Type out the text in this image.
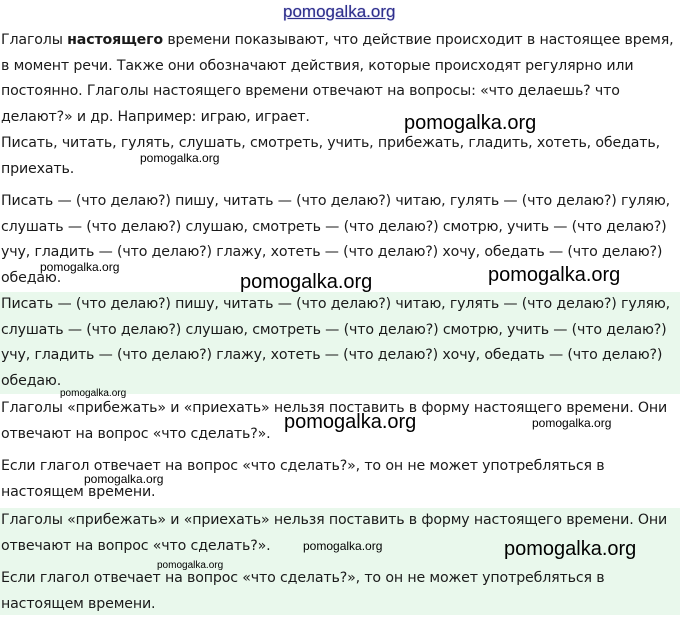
Глаголы настоящего времени показывают, что действие происходит в настоящее время, в момент речи. Также они обозначают действия, которые происходят регулярно или постоянно. Глаголы настоящего времени отвечают на вопросы: «что делаешь? что делают?» и др. Например: играю, играет.

Писать, читать, гулять, слушать, смотреть, учить, прибежать, гладить, хотеть, обедать, приехать.

Писать — (что делаю?) пишу, читать — (что делаю?) читаю, гулять — (что делаю?) гуляю, слушать — (что делаю?) слушаю, смотреть — (что делаю?) смотрю, учить — (что делаю?) учу, гладить — (что делаю?) глажу, хотеть — (что делаю?) хочу, обедать — (что делаю?) обедаю.

Писать — (что делаю?) пишу, читать — (что делаю?) читаю, гулять — (что делаю?) гуляю, слушать — (что делаю?) слушаю, смотреть — (что делаю?) смотрю, учить — (что делаю?) учу, гладить — (что делаю?) глажу, хотеть — (что делаю?) хочу, обедать — (что делаю?) обедаю.

Глаголы «прибежать» и «приехать» нельзя поставить в форму настоящего времени. Они отвечают на вопрос «что сделать?».

Если глагол отвечает на вопрос «что сделать?», то он не может употребляться в настоящем времени.

Глаголы «прибежать» и «приехать» нельзя поставить в форму настоящего времени. Они отвечают на вопрос «что сделать?».

Если глагол отвечает на вопрос «что сделать?», то он не может употребляться в настоящем времени.

pomogalka.org
pomogalka.org
pomogalka.org
pomogalka.org
pomogalka.org	pomogalka.org
pomogalka.org
pomogalka.org	pomogalka.org
pomogalka.org
pomogalka.org	pomogalka.org
pomogalka.org
